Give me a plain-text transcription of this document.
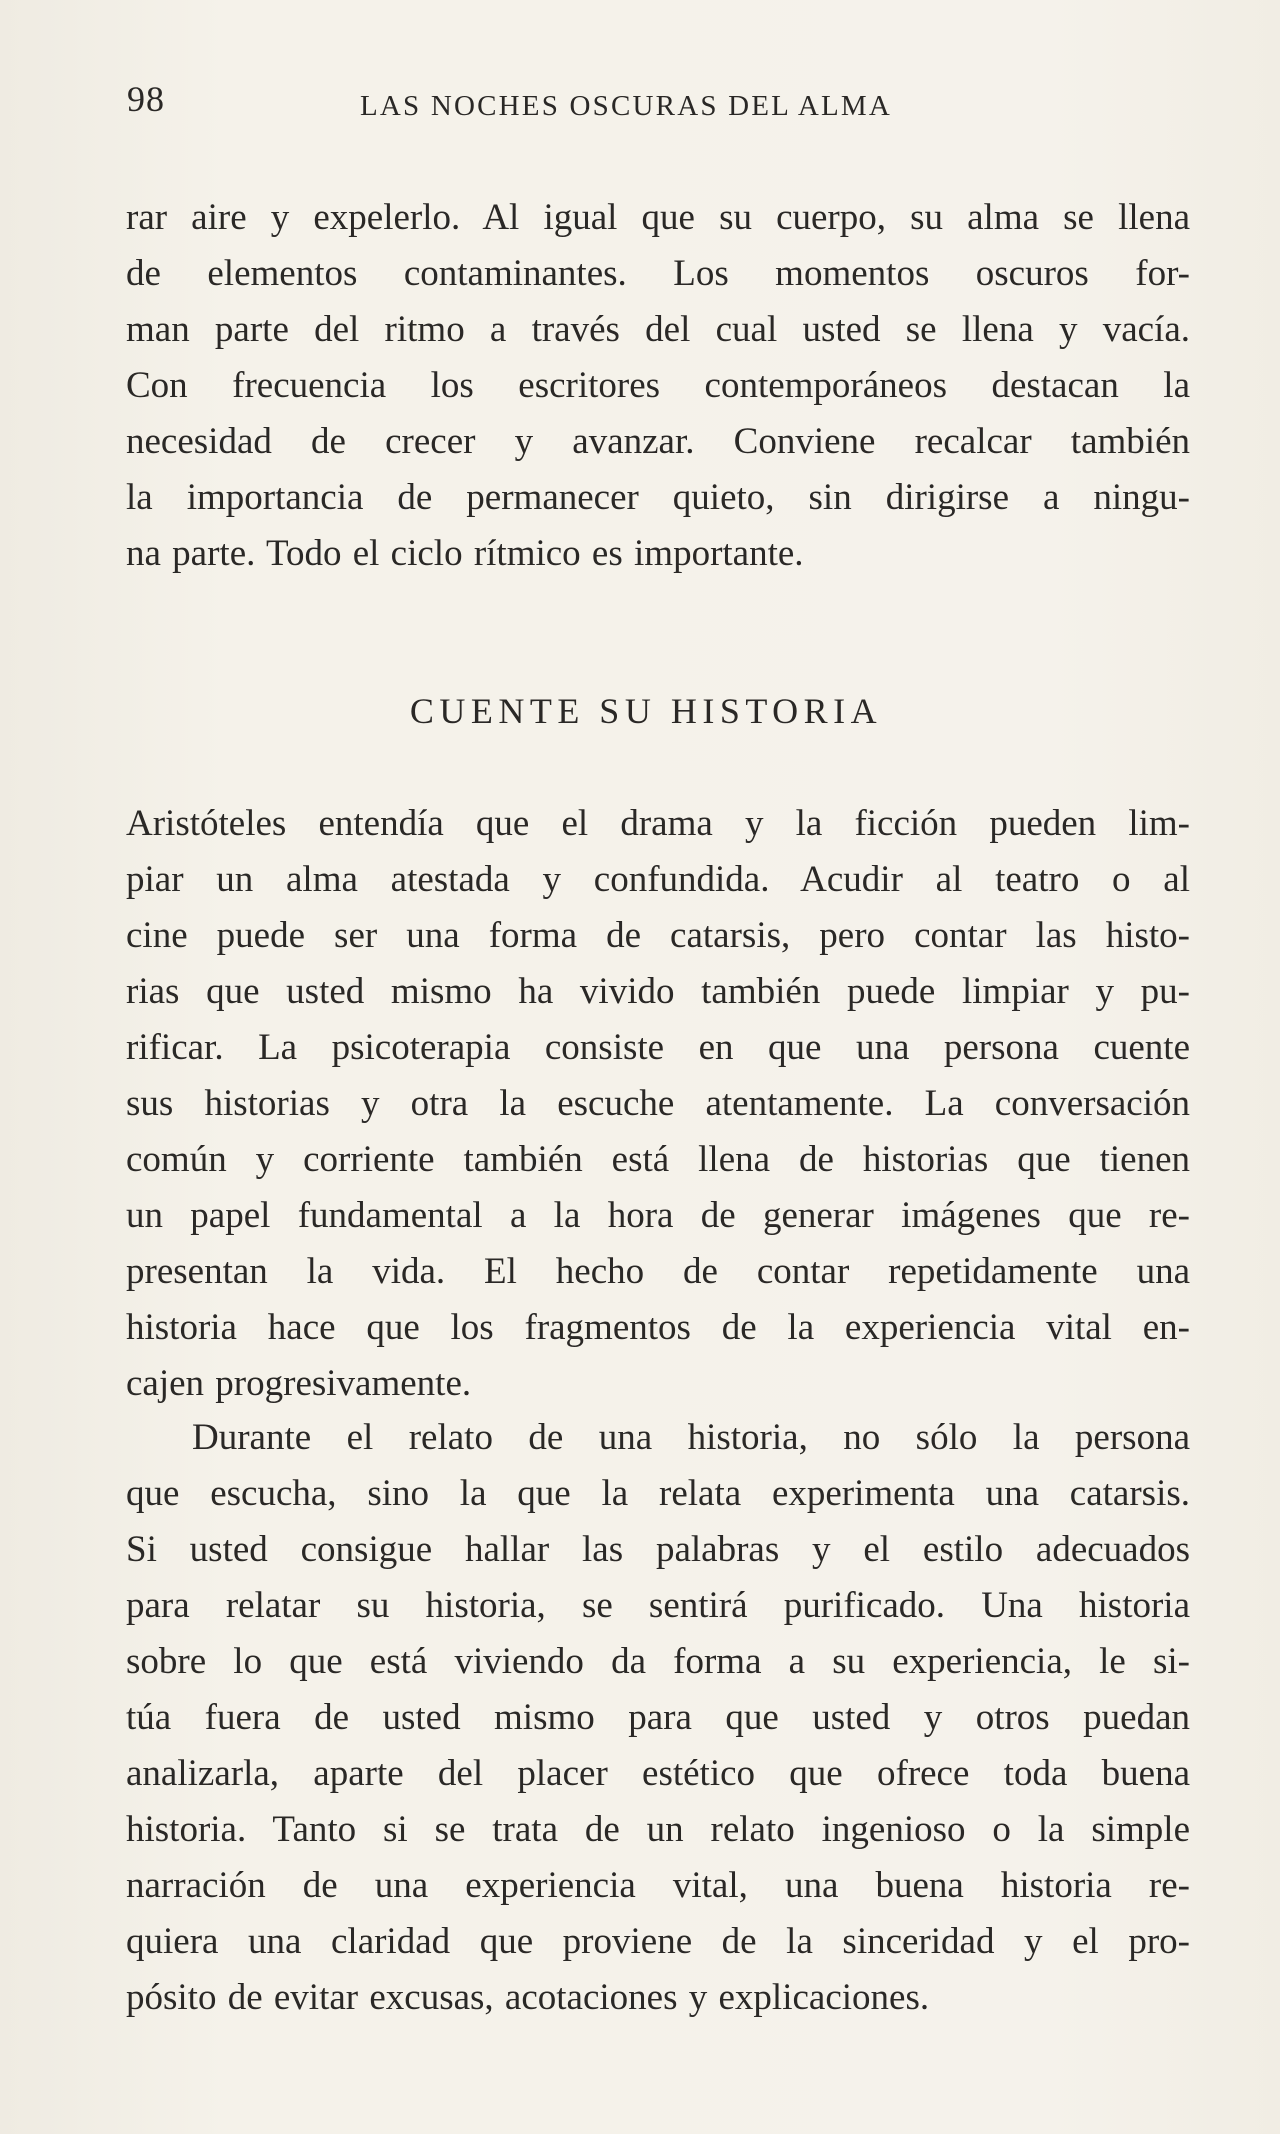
98	LAS NOCHES OSCURAS DEL ALMA
rar aire y expelerlo. Al igual que su cuerpo, su alma se llena
de elementos contaminantes. Los momentos oscuros for-
man parte del ritmo a través del cual usted se llena y vacía.
Con frecuencia los escritores contemporáneos destacan la
necesidad de crecer y avanzar. Conviene recalcar también
la importancia de permanecer quieto, sin dirigirse a ningu-
na parte. Todo el ciclo rítmico es importante.
CUENTE SU HISTORIA
Aristóteles entendía que el drama y la ficción pueden lim-
piar un alma atestada y confundida. Acudir al teatro o al
cine puede ser una forma de catarsis, pero contar las histo-
rias que usted mismo ha vivido también puede limpiar y pu-
rificar. La psicoterapia consiste en que una persona cuente
sus historias y otra la escuche atentamente. La conversación
común y corriente también está llena de historias que tienen
un papel fundamental a la hora de generar imágenes que re-
presentan la vida. El hecho de contar repetidamente una
historia hace que los fragmentos de la experiencia vital en-
cajen progresivamente.
Durante el relato de una historia, no sólo la persona
que escucha, sino la que la relata experimenta una catarsis.
Si usted consigue hallar las palabras y el estilo adecuados
para relatar su historia, se sentirá purificado. Una historia
sobre lo que está viviendo da forma a su experiencia, le si-
túa fuera de usted mismo para que usted y otros puedan
analizarla, aparte del placer estético que ofrece toda buena
historia. Tanto si se trata de un relato ingenioso o la simple
narración de una experiencia vital, una buena historia re-
quiera una claridad que proviene de la sinceridad y el pro-
pósito de evitar excusas, acotaciones y explicaciones.
